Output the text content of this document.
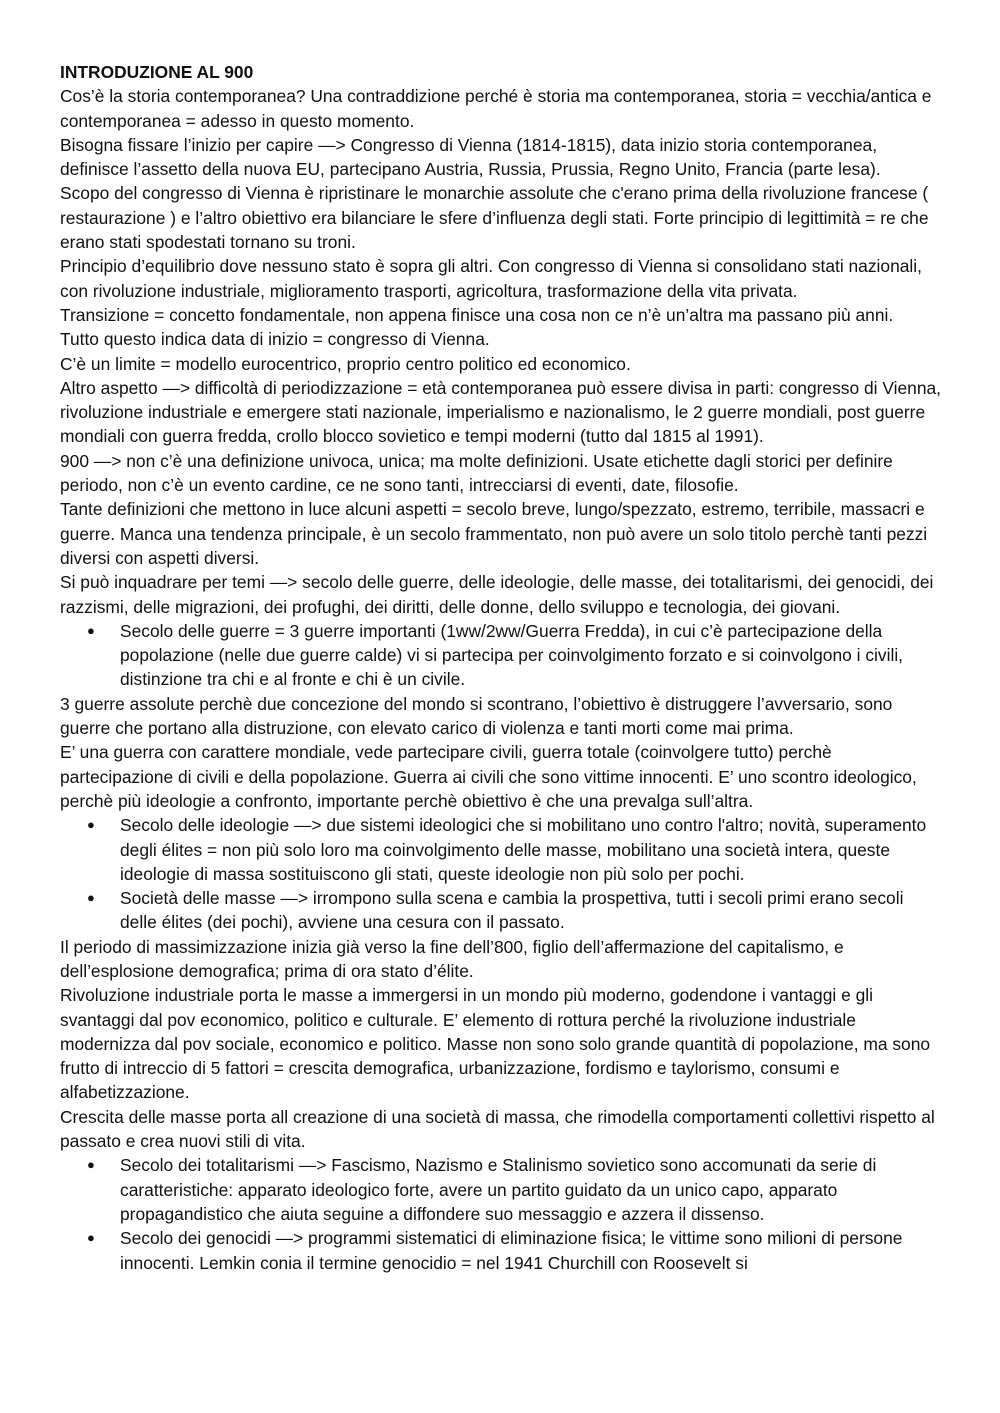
INTRODUZIONE AL 900

Cos’è la storia contemporanea? Una contraddizione perché è storia ma contemporanea, storia = vecchia/antica e contemporanea = adesso in questo momento.

Bisogna fissare l’inizio per capire —> Congresso di Vienna (1814-1815), data inizio storia contemporanea, definisce l’assetto della nuova EU, partecipano Austria, Russia, Prussia, Regno Unito, Francia (parte lesa).

Scopo del congresso di Vienna è ripristinare le monarchie assolute che c'erano prima della rivoluzione francese ( restaurazione ) e l’altro obiettivo era bilanciare le sfere d’influenza degli stati. Forte principio di legittimità = re che erano stati spodestati tornano su troni.

Principio d’equilibrio dove nessuno stato è sopra gli altri. Con congresso di Vienna si consolidano stati nazionali, con rivoluzione industriale, miglioramento trasporti, agricoltura, trasformazione della vita privata.

Transizione = concetto fondamentale, non appena finisce una cosa non ce n’è un’altra ma passano più anni.

Tutto questo indica data di inizio = congresso di Vienna.

C’è un limite = modello eurocentrico, proprio centro politico ed economico.

Altro aspetto —> difficoltà di periodizzazione = età contemporanea può essere divisa in parti: congresso di Vienna, rivoluzione industriale e emergere stati nazionale, imperialismo e nazionalismo, le 2 guerre mondiali, post guerre mondiali con guerra fredda, crollo blocco sovietico e tempi moderni (tutto dal 1815 al 1991).

900 —> non c’è una definizione univoca, unica; ma molte definizioni. Usate etichette dagli storici per definire periodo, non c’è un evento cardine, ce ne sono tanti, intrecciarsi di eventi, date, filosofie.

Tante definizioni che mettono in luce alcuni aspetti = secolo breve, lungo/spezzato, estremo, terribile, massacri e guerre. Manca una tendenza principale, è un secolo frammentato, non può avere un solo titolo perchè tanti pezzi diversi con aspetti diversi.

Si può inquadrare per temi —> secolo delle guerre, delle ideologie, delle masse, dei totalitarismi, dei genocidi, dei razzismi, delle migrazioni, dei profughi, dei diritti, delle donne, dello sviluppo e tecnologia, dei giovani.

● Secolo delle guerre = 3 guerre importanti (1ww/2ww/Guerra Fredda), in cui c’è partecipazione della popolazione (nelle due guerre calde) vi si partecipa per coinvolgimento forzato e si coinvolgono i civili, distinzione tra chi e al fronte e chi è un civile.

3 guerre assolute perchè due concezione del mondo si scontrano, l’obiettivo è distruggere l’avversario, sono guerre che portano alla distruzione, con elevato carico di violenza e tanti morti come mai prima.

E’ una guerra con carattere mondiale, vede partecipare civili, guerra totale (coinvolgere tutto) perchè partecipazione di civili e della popolazione. Guerra ai civili che sono vittime innocenti. E’ uno scontro ideologico, perchè più ideologie a confronto, importante perchè obiettivo è che una prevalga sull’altra.

● Secolo delle ideologie —> due sistemi ideologici che si mobilitano uno contro l'altro; novità, superamento degli élites = non più solo loro ma coinvolgimento delle masse, mobilitano una società intera, queste ideologie di massa sostituiscono gli stati, queste ideologie non più solo per pochi.
● Società delle masse —> irrompono sulla scena e cambia la prospettiva, tutti i secoli primi erano secoli delle élites (dei pochi), avviene una cesura con il passato.

Il periodo di massimizzazione inizia già verso la fine dell’800, figlio dell’affermazione del capitalismo, e dell’esplosione demografica; prima di ora stato d’élite.

Rivoluzione industriale porta le masse a immergersi in un mondo più moderno, godendone i vantaggi e gli svantaggi dal pov economico, politico e culturale. E’ elemento di rottura perché la rivoluzione industriale modernizza dal pov sociale, economico e politico. Masse non sono solo grande quantità di popolazione, ma sono frutto di intreccio di 5 fattori = crescita demografica, urbanizzazione, fordismo e taylorismo, consumi e alfabetizzazione.

Crescita delle masse porta all creazione di una società di massa, che rimodella comportamenti collettivi rispetto al passato e crea nuovi stili di vita.

● Secolo dei totalitarismi —> Fascismo, Nazismo e Stalinismo sovietico sono accomunati da serie di caratteristiche: apparato ideologico forte, avere un partito guidato da un unico capo, apparato propagandistico che aiuta seguine a diffondere suo messaggio e azzera il dissenso.
● Secolo dei genocidi —> programmi sistematici di eliminazione fisica; le vittime sono milioni di persone innocenti. Lemkin conia il termine genocidio = nel 1941 Churchill con Roosevelt si
